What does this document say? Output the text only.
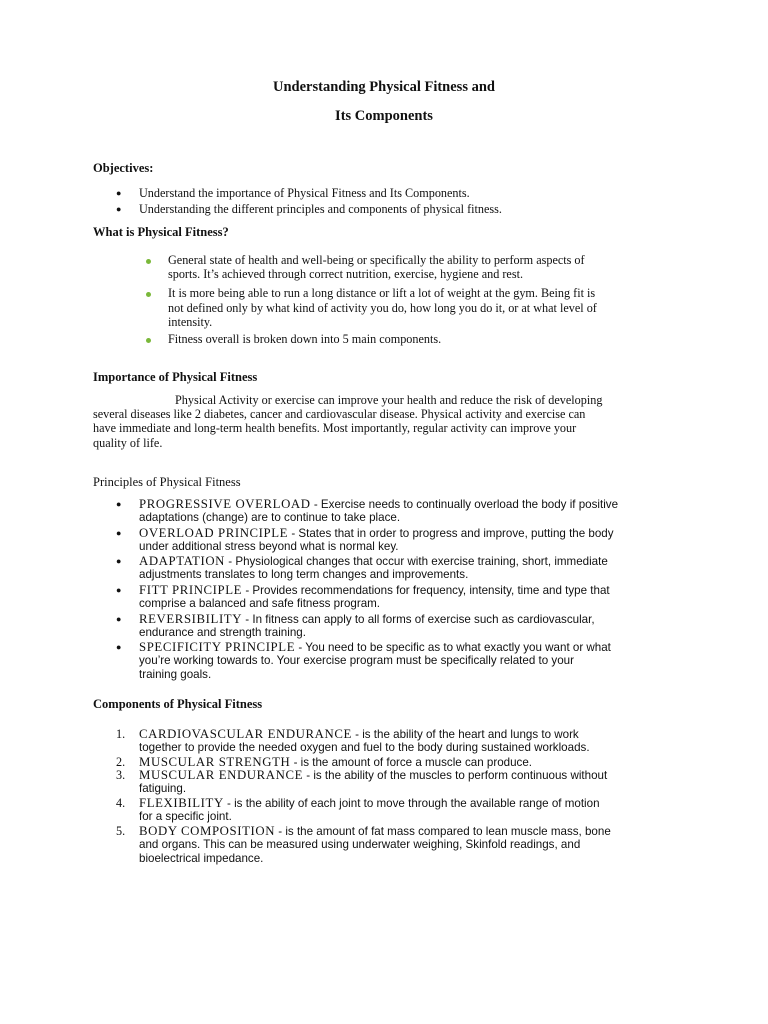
Understanding Physical Fitness and
Its Components
Objectives:
● Understand the importance of Physical Fitness and Its Components.
● Understanding the different principles and components of physical fitness.
What is Physical Fitness?
General state of health and well-being or specifically the ability to perform aspects of
sports. It’s achieved through correct nutrition, exercise, hygiene and rest.
It is more being able to run a long distance or lift a lot of weight at the gym. Being fit is
not defined only by what kind of activity you do, how long you do it, or at what level of
intensity.
Fitness overall is broken down into 5 main components.
Importance of Physical Fitness
Physical Activity or exercise can improve your health and reduce the risk of developing
several diseases like 2 diabetes, cancer and cardiovascular disease. Physical activity and exercise can
have immediate and long-term health benefits. Most importantly, regular activity can improve your
quality of life.
Principles of Physical Fitness
● PROGRESSIVE OVERLOAD - Exercise needs to continually overload the body if positive
adaptations (change) are to continue to take place.
● OVERLOAD PRINCIPLE - States that in order to progress and improve, putting the body
under additional stress beyond what is normal key.
● ADAPTATION - Physiological changes that occur with exercise training, short, immediate
adjustments translates to long term changes and improvements.
● FITT PRINCIPLE - Provides recommendations for frequency, intensity, time and type that
comprise a balanced and safe fitness program.
● REVERSIBILITY - In fitness can apply to all forms of exercise such as cardiovascular,
endurance and strength training.
● SPECIFICITY PRINCIPLE - You need to be specific as to what exactly you want or what
you’re working towards to. Your exercise program must be specifically related to your
training goals.
Components of Physical Fitness
1. CARDIOVASCULAR ENDURANCE - is the ability of the heart and lungs to work
together to provide the needed oxygen and fuel to the body during sustained workloads.
2. MUSCULAR STRENGTH - is the amount of force a muscle can produce.
3. MUSCULAR ENDURANCE - is the ability of the muscles to perform continuous without
fatiguing.
4. FLEXIBILITY - is the ability of each joint to move through the available range of motion
for a specific joint.
5. BODY COMPOSITION - is the amount of fat mass compared to lean muscle mass, bone
and organs. This can be measured using underwater weighing, Skinfold readings, and
bioelectrical impedance.
